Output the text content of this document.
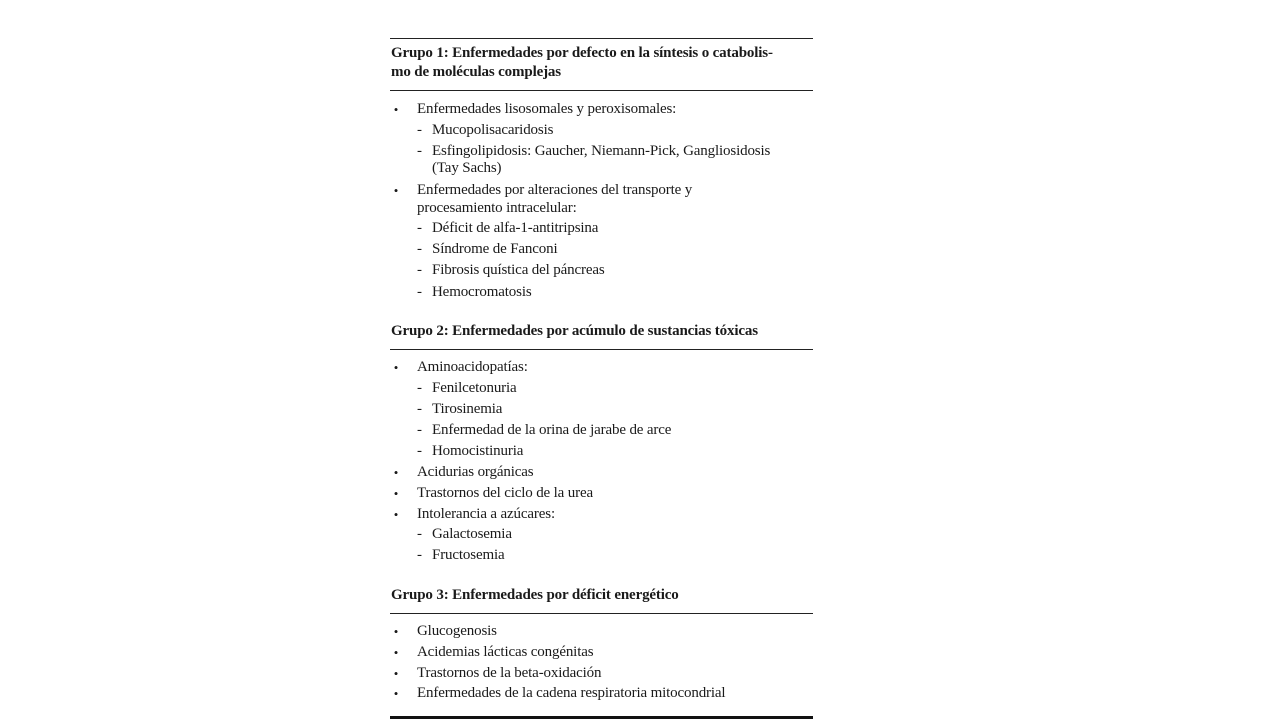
Grupo 1: Enfermedades por defecto en la síntesis o catabolis-
mo de moléculas complejas
• Enfermedades lisosomales y peroxisomales:
- Mucopolisacaridosis
- Esfingolipidosis: Gaucher, Niemann-Pick, Gangliosidosis
(Tay Sachs)
• Enfermedades por alteraciones del transporte y
procesamiento intracelular:
- Déficit de alfa-1-antitripsina
- Síndrome de Fanconi
- Fibrosis quística del páncreas
- Hemocromatosis
Grupo 2: Enfermedades por acúmulo de sustancias tóxicas
• Aminoacidopatías:
- Fenilcetonuria
- Tirosinemia
- Enfermedad de la orina de jarabe de arce
- Homocistinuria
• Acidurias orgánicas
• Trastornos del ciclo de la urea
• Intolerancia a azúcares:
- Galactosemia
- Fructosemia
Grupo 3: Enfermedades por déficit energético
• Glucogenosis
• Acidemias lácticas congénitas
• Trastornos de la beta-oxidación
• Enfermedades de la cadena respiratoria mitocondrial
